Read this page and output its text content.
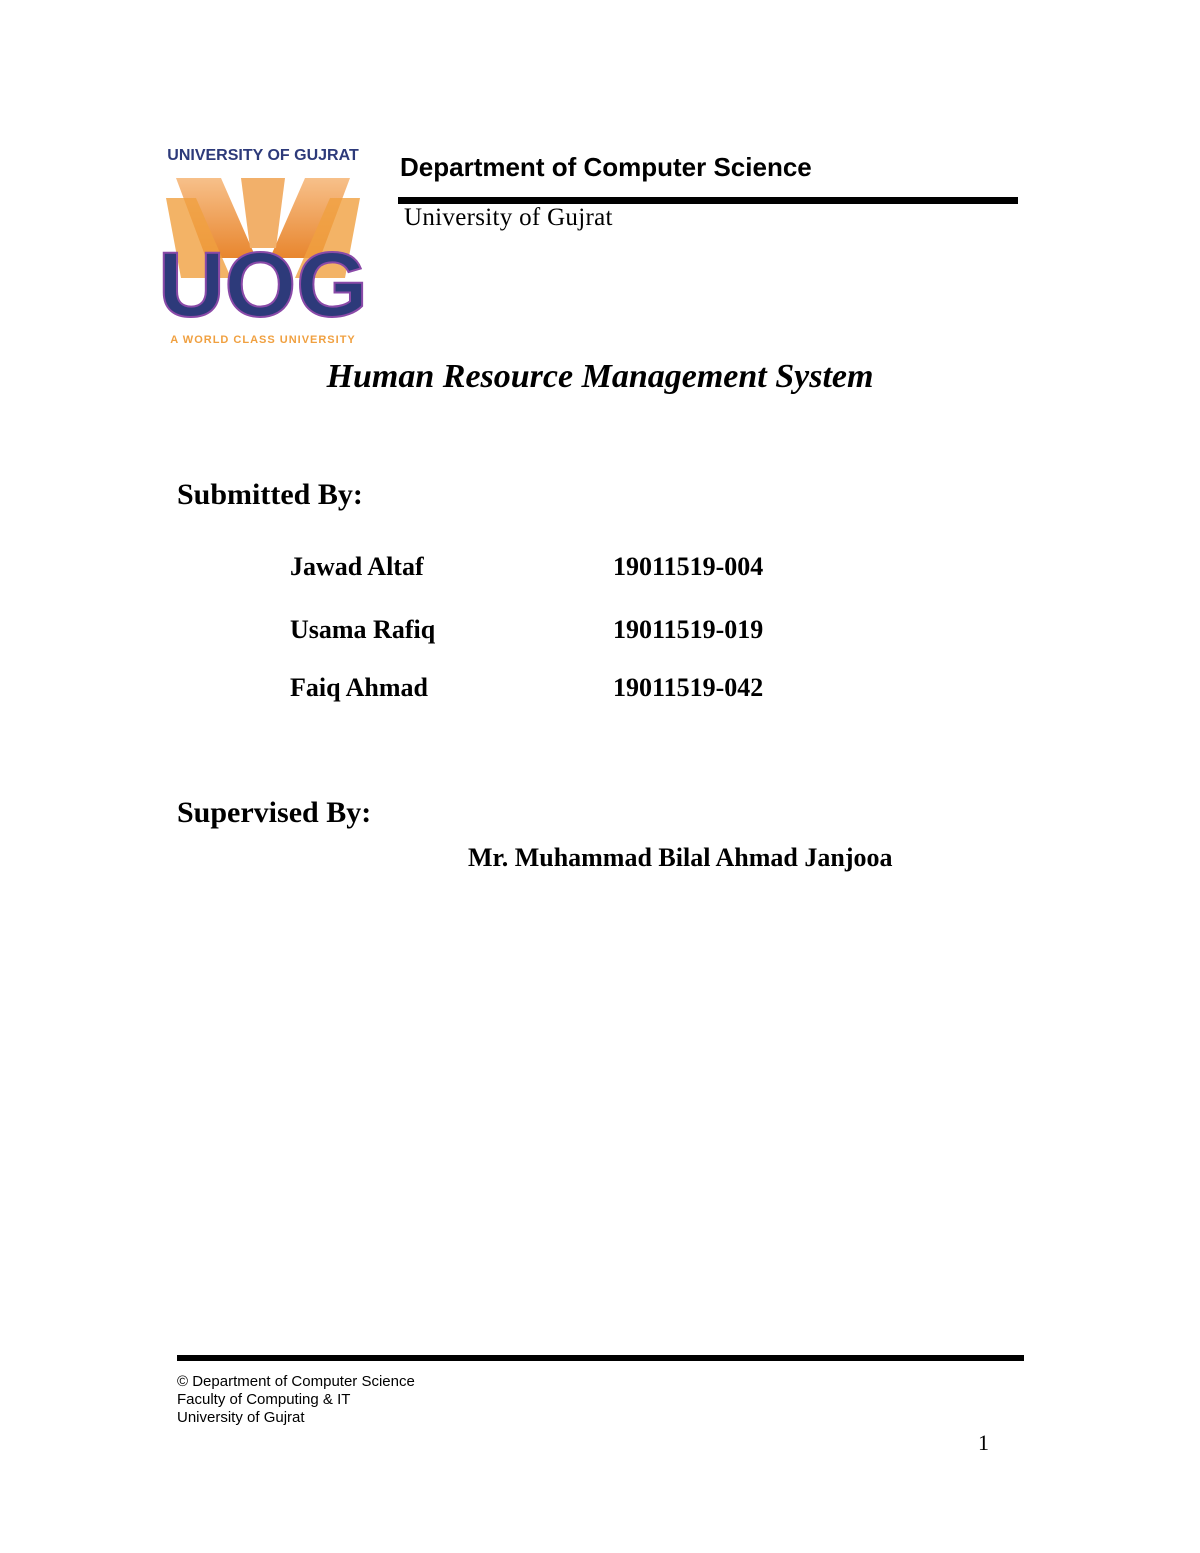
UNIVERSITY OF GUJRAT
UOG
A WORLD CLASS UNIVERSITY
Department of Computer Science
University of Gujrat
Human Resource Management System
Submitted By:
Jawad Altaf	19011519-004
Usama Rafiq	19011519-019
Faiq Ahmad	19011519-042
Supervised By:
Mr. Muhammad Bilal Ahmad Janjooa
© Department of Computer Science
Faculty of Computing & IT
University of Gujrat
1
